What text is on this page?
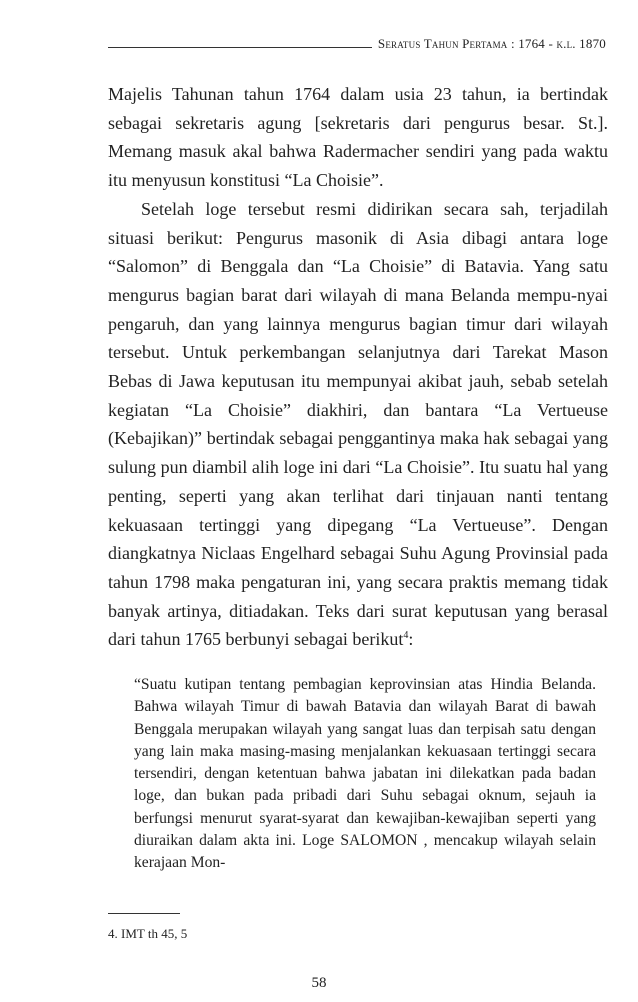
Seratus Tahun Pertama : 1764 - k.l. 1870

Majelis Tahunan tahun 1764 dalam usia 23 tahun, ia bertindak sebagai sekretaris agung [sekretaris dari pengurus besar. St.]. Memang masuk akal bahwa Radermacher sendiri yang pada waktu itu menyusun konstitusi “La Choisie”.

Setelah loge tersebut resmi didirikan secara sah, terjadilah situasi berikut: Pengurus masonik di Asia dibagi antara loge “Salomon” di Benggala dan “La Choisie” di Batavia. Yang satu mengurus bagian barat dari wilayah di mana Belanda mempu-nyai pengaruh, dan yang lainnya mengurus bagian timur dari wilayah tersebut. Untuk perkembangan selanjutnya dari Tarekat Mason Bebas di Jawa keputusan itu mempunyai akibat jauh, sebab setelah kegiatan “La Choisie” diakhiri, dan bantara “La Vertueuse (Kebajikan)” bertindak sebagai penggantinya maka hak sebagai yang sulung pun diambil alih loge ini dari “La Choisie”. Itu suatu hal yang penting, seperti yang akan terlihat dari tinjauan nanti tentang kekuasaan tertinggi yang dipegang “La Vertueuse”. Dengan diangkatnya Niclaas Engelhard sebagai Suhu Agung Provinsial pada tahun 1798 maka pengaturan ini, yang secara praktis memang tidak banyak artinya, ditiadakan. Teks dari surat keputusan yang berasal dari tahun 1765 berbunyi sebagai berikut$^4$:

“Suatu kutipan tentang pembagian keprovinsian atas Hindia Belanda. Bahwa wilayah Timur di bawah Batavia dan wilayah Barat di bawah Benggala merupakan wilayah yang sangat luas dan terpisah satu dengan yang lain maka masing-masing menjalankan kekuasaan tertinggi secara tersendiri, dengan ketentuan bahwa jabatan ini dilekatkan pada badan loge, dan bukan pada pribadi dari Suhu sebagai oknum, sejauh ia berfungsi menurut syarat-syarat dan kewajiban-kewajiban seperti yang diuraikan dalam akta ini. Loge SALOMON , mencakup wilayah selain kerajaan Mon-

4. IMT th 45, 5
58
